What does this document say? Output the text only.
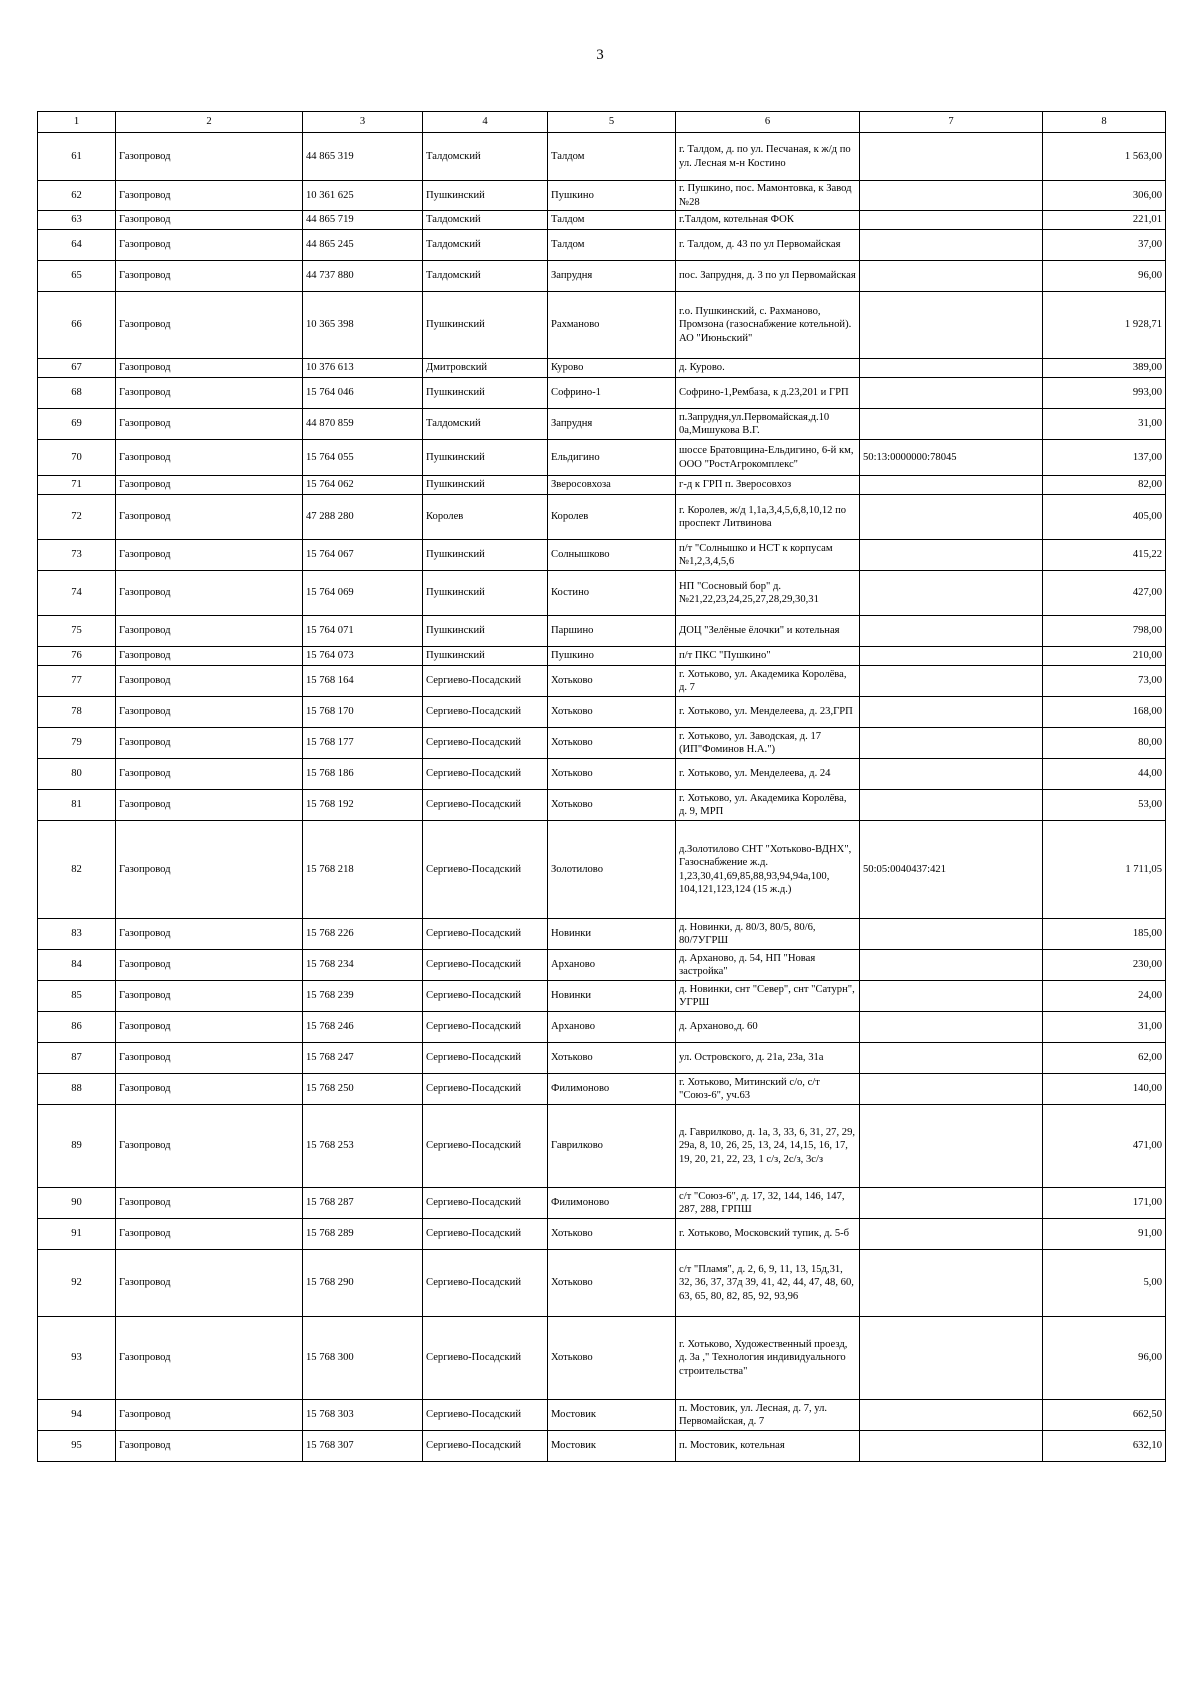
3
1	2	3	4	5	6	7	8
61	Газопровод	44 865 319	Талдомский	Талдом	г. Талдом, д. по ул. Песчаная, к ж/д по ул. Лесная м-н Костино		1 563,00
62	Газопровод	10 361 625	Пушкинский	Пушкино	г. Пушкино, пос. Мамонтовка, к Завод №28		306,00
63	Газопровод	44 865 719	Талдомский	Талдом	г.Талдом, котельная ФОК		221,01
64	Газопровод	44 865 245	Талдомский	Талдом	г. Талдом, д. 43 по ул Первомайская		37,00
65	Газопровод	44 737 880	Талдомский	Запрудня	пос. Запрудня, д. 3 по ул Первомайская		96,00
66	Газопровод	10 365 398	Пушкинский	Рахманово	г.о. Пушкинский, с. Рахманово, Промзона (газоснабжение котельной). АО "Июньский"		1 928,71
67	Газопровод	10 376 613	Дмитровский	Курово	д. Курово.		389,00
68	Газопровод	15 764 046	Пушкинский	Софрино-1	Софрино-1,Рембаза, к д.23,201 и ГРП		993,00
69	Газопровод	44 870 859	Талдомский	Запрудня	п.Запрудня,ул.Первомайская,д.10 0а,Мишукова В.Г.		31,00
70	Газопровод	15 764 055	Пушкинский	Ельдигино	шоссе Братовщина-Ельдигино, 6-й км, ООО "РостАгрокомплекс"	50:13:0000000:78045	137,00
71	Газопровод	15 764 062	Пушкинский	Зверосовхоза	г-д к ГРП п. Зверосовхоз		82,00
72	Газопровод	47 288 280	Королев	Королев	г. Королев, ж/д 1,1а,3,4,5,6,8,10,12 по проспект Литвинова		405,00
73	Газопровод	15 764 067	Пушкинский	Солнышково	п/т "Солнышко и НСТ к корпусам №1,2,3,4,5,6		415,22
74	Газопровод	15 764 069	Пушкинский	Костино	НП "Сосновый бор" д.№21,22,23,24,25,27,28,29,30,31		427,00
75	Газопровод	15 764 071	Пушкинский	Паршино	ДОЦ "Зелёные ёлочки" и котельная		798,00
76	Газопровод	15 764 073	Пушкинский	Пушкино	п/т ПКС "Пушкино"		210,00
77	Газопровод	15 768 164	Сергиево-Посадский	Хотьково	г. Хотьково, ул. Академика Королёва, д. 7		73,00
78	Газопровод	15 768 170	Сергиево-Посадский	Хотьково	г. Хотьково, ул. Менделеева, д. 23,ГРП		168,00
79	Газопровод	15 768 177	Сергиево-Посадский	Хотьково	г. Хотьково, ул. Заводская, д. 17 (ИП"Фоминов Н.А.")		80,00
80	Газопровод	15 768 186	Сергиево-Посадский	Хотьково	г. Хотьково, ул. Менделеева, д. 24		44,00
81	Газопровод	15 768 192	Сергиево-Посадский	Хотьково	г. Хотьково, ул. Академика Королёва, д. 9, МРП		53,00
82	Газопровод	15 768 218	Сергиево-Посадский	Золотилово	д.Золотилово СНТ "Хотьково-ВДНХ", Газоснабжение ж.д. 1,23,30,41,69,85,88,93,94,94а,100, 104,121,123,124 (15 ж.д.)	50:05:0040437:421	1 711,05
83	Газопровод	15 768 226	Сергиево-Посадский	Новинки	д. Новинки, д. 80/3, 80/5, 80/6, 80/7УГРШ		185,00
84	Газопровод	15 768 234	Сергиево-Посадский	Арханово	д. Арханово, д. 54, НП "Новая застройка"		230,00
85	Газопровод	15 768 239	Сергиево-Посадский	Новинки	д. Новинки, снт "Север", снт "Сатурн", УГРШ		24,00
86	Газопровод	15 768 246	Сергиево-Посадский	Арханово	д. Арханово,д. 60		31,00
87	Газопровод	15 768 247	Сергиево-Посадский	Хотьково	ул. Островского, д. 21а, 23а, 31а		62,00
88	Газопровод	15 768 250	Сергиево-Посадский	Филимоново	г. Хотьково, Митинский с/о, с/т "Союз-6", уч.63		140,00
89	Газопровод	15 768 253	Сергиево-Посадский	Гаврилково	д. Гаврилково, д. 1а, 3, 33, 6, 31, 27, 29, 29а, 8, 10, 26, 25, 13, 24, 14,15, 16, 17, 19, 20, 21, 22, 23, 1 с/з, 2с/з, 3с/з		471,00
90	Газопровод	15 768 287	Сергиево-Посадский	Филимоново	с/т "Союз-6", д. 17, 32, 144, 146, 147, 287, 288, ГРПШ		171,00
91	Газопровод	15 768 289	Сергиево-Посадский	Хотьково	г. Хотьково, Московский тупик, д. 5-б		91,00
92	Газопровод	15 768 290	Сергиево-Посадский	Хотьково	с/т "Пламя", д. 2, 6, 9, 11, 13, 15д,31, 32, 36, 37, 37д 39, 41, 42, 44, 47, 48, 60, 63, 65, 80, 82, 85, 92, 93,96		5,00
93	Газопровод	15 768 300	Сергиево-Посадский	Хотьково	г. Хотьково, Художественный проезд, д. 3а ," Технология индивидуального строительства"		96,00
94	Газопровод	15 768 303	Сергиево-Посадский	Мостовик	п. Мостовик, ул. Лесная, д. 7, ул. Первомайская, д. 7		662,50
95	Газопровод	15 768 307	Сергиево-Посадский	Мостовик	п. Мостовик, котельная		632,10
